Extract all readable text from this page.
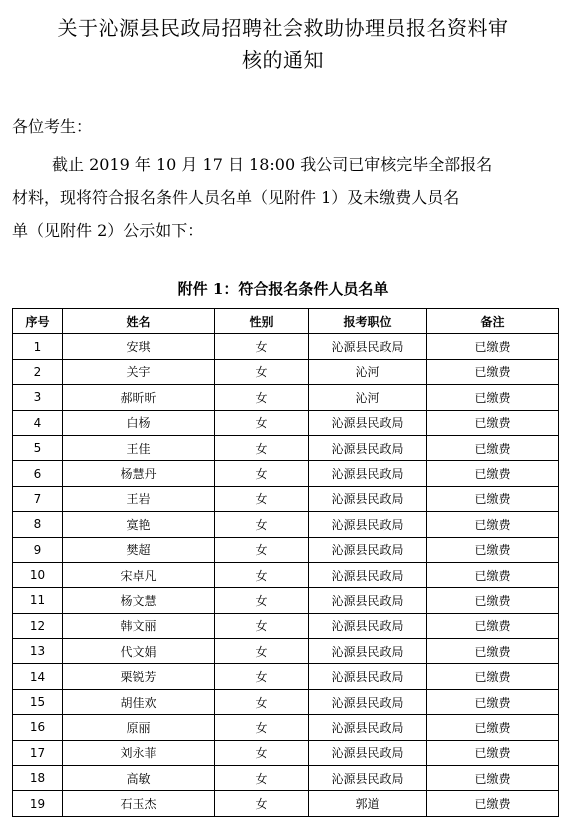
关于沁源县民政局招聘社会救助协理员报名资料审
核的通知
各位考生：
截止 2019 年 10 月 17 日 18:00 我公司已审核完毕全部报名
材料，现将符合报名条件人员名单（见附件 1）及未缴费人员名
单（见附件 2）公示如下：
附件 1：符合报名条件人员名单
序号	姓名	性别	报考职位	备注
1	安琪	女	沁源县民政局	已缴费
2	关宇	女	沁河	已缴费
3	郝昕昕	女	沁河	已缴费
4	白杨	女	沁源县民政局	已缴费
5	王佳	女	沁源县民政局	已缴费
6	杨慧丹	女	沁源县民政局	已缴费
7	王岩	女	沁源县民政局	已缴费
8	寞艳	女	沁源县民政局	已缴费
9	樊超	女	沁源县民政局	已缴费
10	宋卓凡	女	沁源县民政局	已缴费
11	杨文慧	女	沁源县民政局	已缴费
12	韩文丽	女	沁源县民政局	已缴费
13	代文娟	女	沁源县民政局	已缴费
14	栗锐芳	女	沁源县民政局	已缴费
15	胡佳欢	女	沁源县民政局	已缴费
16	原丽	女	沁源县民政局	已缴费
17	刘永菲	女	沁源县民政局	已缴费
18	高敏	女	沁源县民政局	已缴费
19	石玉杰	女	郭道	已缴费
